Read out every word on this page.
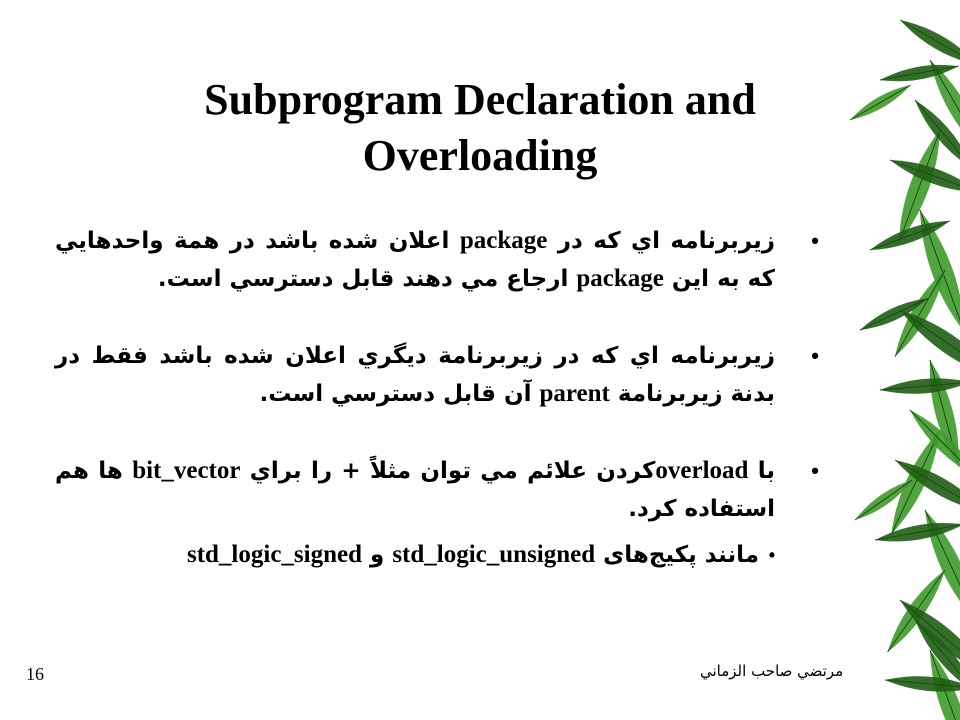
Subprogram Declaration and Overloading
•
زيربرنامه اي كه در package اعلان شده باشد در همة واحدهايي كه به اين package ارجاع مي دهند قابل دسترسي است.
•
زيربرنامه اي كه در زيربرنامة ديگري اعلان شده باشد فقط در بدنة زيربرنامة parent آن قابل دسترسي است.
•
با overloadكردن علائم مي توان مثلاً + را براي bit_vector ها هم استفاده كرد.
•
مانند پكيج‌هاى std_logic_unsigned و std_logic_signed
مرتضي صاحب الزماني
16
